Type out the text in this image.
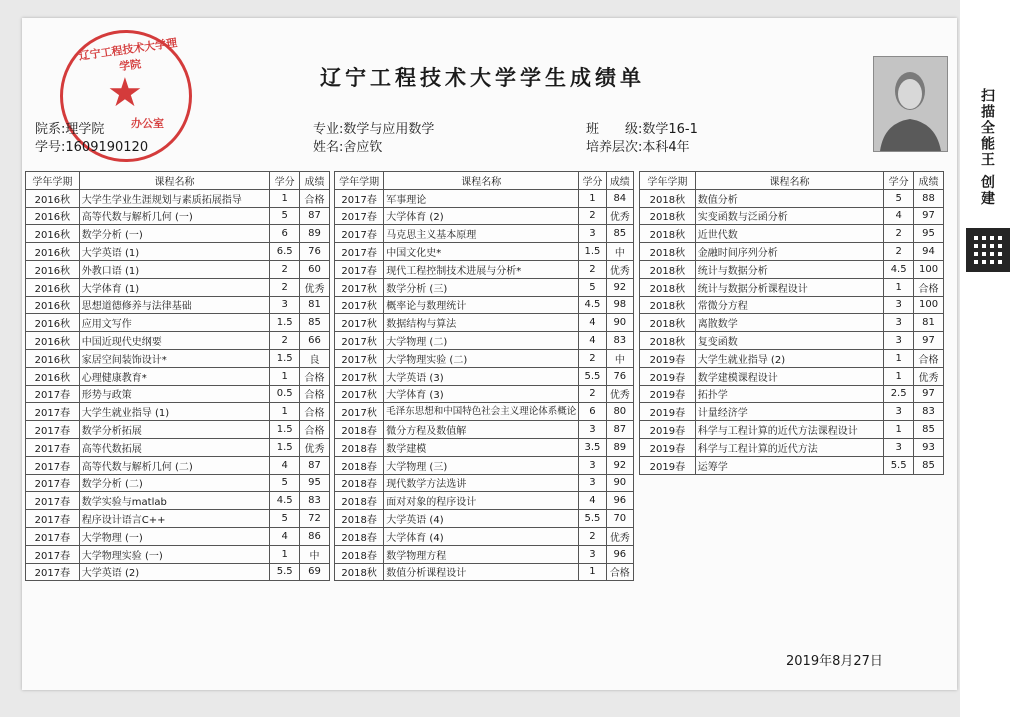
辽宁工程技术大学理学院
★
办公室
辽宁工程技术大学学生成绩单
院系:理学院
学号:1609190120
专业:数学与应用数学
姓名:舍应钦
班　　级:数学16-1
培养层次:本科4年
学年学期	课程名称	学分	成绩
2016秋	大学生学业生涯规划与素质拓展指导	1	合格
2016秋	高等代数与解析几何 (一)	5	87
2016秋	数学分析 (一)	6	89
2016秋	大学英语 (1)	6.5	76
2016秋	外教口语 (1)	2	60
2016秋	大学体育 (1)	2	优秀
2016秋	思想道德修养与法律基础	3	81
2016秋	应用文写作	1.5	85
2016秋	中国近现代史纲要	2	66
2016秋	家居空间装饰设计*	1.5	良
2016秋	心理健康教育*	1	合格
2017春	形势与政策	0.5	合格
2017春	大学生就业指导 (1)	1	合格
2017春	数学分析拓展	1.5	合格
2017春	高等代数拓展	1.5	优秀
2017春	高等代数与解析几何 (二)	4	87
2017春	数学分析 (二)	5	95
2017春	数学实验与matlab	4.5	83
2017春	程序设计语言C++	5	72
2017春	大学物理 (一)	4	86
2017春	大学物理实验 (一)	1	中
2017春	大学英语 (2)	5.5	69
学年学期	课程名称	学分	成绩
2017春	军事理论	1	84
2017春	大学体育 (2)	2	优秀
2017春	马克思主义基本原理	3	85
2017春	中国文化史*	1.5	中
2017春	现代工程控制技术进展与分析*	2	优秀
2017秋	数学分析 (三)	5	92
2017秋	概率论与数理统计	4.5	98
2017秋	数据结构与算法	4	90
2017秋	大学物理 (二)	4	83
2017秋	大学物理实验 (二)	2	中
2017秋	大学英语 (3)	5.5	76
2017秋	大学体育 (3)	2	优秀
2017秋	毛泽东思想和中国特色社会主义理论体系概论	6	80
2018春	微分方程及数值解	3	87
2018春	数学建模	3.5	89
2018春	大学物理 (三)	3	92
2018春	现代数学方法选讲	3	90
2018春	面对对象的程序设计	4	96
2018春	大学英语 (4)	5.5	70
2018春	大学体育 (4)	2	优秀
2018春	数学物理方程	3	96
2018秋	数值分析课程设计	1	合格
学年学期	课程名称	学分	成绩
2018秋	数值分析	5	88
2018秋	实变函数与泛函分析	4	97
2018秋	近世代数	2	95
2018秋	金融时间序列分析	2	94
2018秋	统计与数据分析	4.5	100
2018秋	统计与数据分析课程设计	1	合格
2018秋	常微分方程	3	100
2018秋	离散数学	3	81
2018秋	复变函数	3	97
2019春	大学生就业指导 (2)	1	合格
2019春	数学建模课程设计	1	优秀
2019春	拓扑学	2.5	97
2019春	计量经济学	3	83
2019春	科学与工程计算的近代方法课程设计	1	85
2019春	科学与工程计算的近代方法	3	93
2019春	运筹学	5.5	85
2019年8月27日
扫描全能王 创建
